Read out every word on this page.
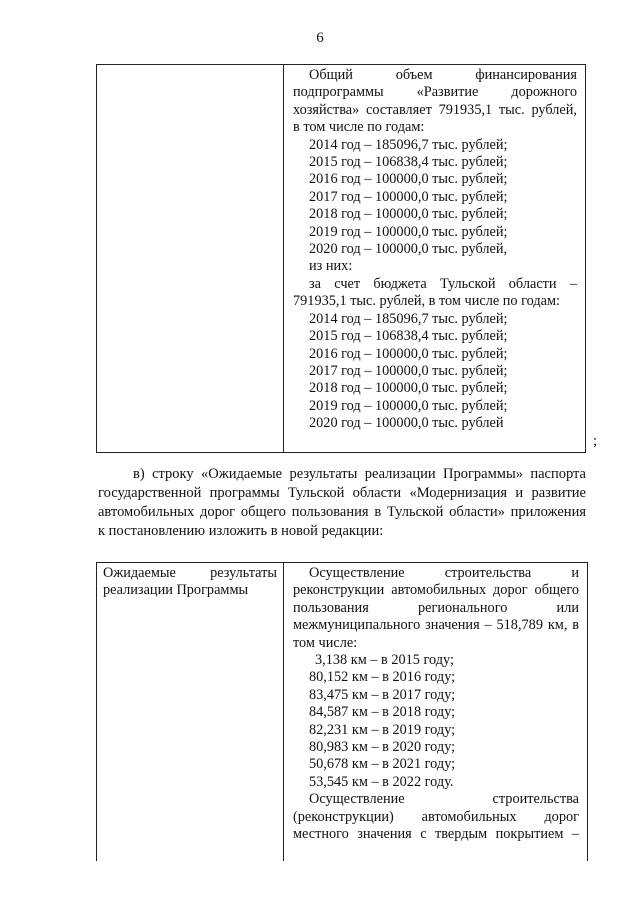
6

Общий объем финансирования

подпрограммы «Развитие дорожного

хозяйства» составляет 791935,1 тыс. рублей,

в том числе по годам:

2014 год – 185096,7 тыс. рублей;

2015 год – 106838,4 тыс. рублей;

2016 год – 100000,0 тыс. рублей;

2017 год – 100000,0 тыс. рублей;

2018 год – 100000,0 тыс. рублей;

2019 год – 100000,0 тыс. рублей;

2020 год – 100000,0 тыс. рублей,

из них:

за счет бюджета Тульской области –

791935,1 тыс. рублей, в том числе по годам:

2014 год – 185096,7 тыс. рублей;

2015 год – 106838,4 тыс. рублей;

2016 год – 100000,0 тыс. рублей;

2017 год – 100000,0 тыс. рублей;

2018 год – 100000,0 тыс. рублей;

2019 год – 100000,0 тыс. рублей;

2020 год – 100000,0 тыс. рублей

;

в) строку «Ожидаемые результаты реализации Программы» паспорта

государственной программы Тульской области «Модернизация и развитие

автомобильных дорог общего пользования в Тульской области» приложения

к постановлению изложить в новой редакции:

Ожидаемые результаты

реализации Программы

Осуществление строительства и

реконструкции автомобильных дорог общего

пользования регионального или

межмуниципального значения – 518,789 км, в

том числе:

3,138 км – в 2015 году;

80,152 км – в 2016 году;

83,475 км – в 2017 году;

84,587 км – в 2018 году;

82,231 км – в 2019 году;

80,983 км – в 2020 году;

50,678 км – в 2021 году;

53,545 км – в 2022 году.

Осуществление строительства

(реконструкции) автомобильных дорог

местного значения с твердым покрытием –
